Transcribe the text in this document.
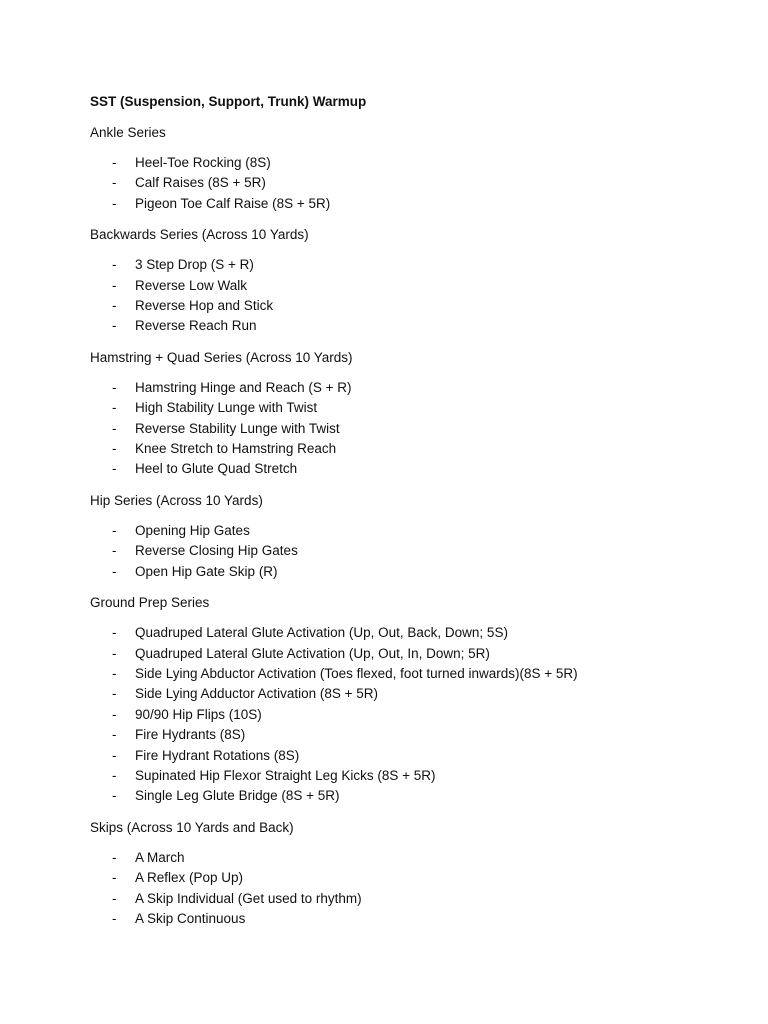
SST (Suspension, Support, Trunk) Warmup
Ankle Series
- Heel-Toe Rocking (8S)
- Calf Raises (8S + 5R)
- Pigeon Toe Calf Raise (8S + 5R)
Backwards Series (Across 10 Yards)
- 3 Step Drop (S + R)
- Reverse Low Walk
- Reverse Hop and Stick
- Reverse Reach Run
Hamstring + Quad Series (Across 10 Yards)
- Hamstring Hinge and Reach (S + R)
- High Stability Lunge with Twist
- Reverse Stability Lunge with Twist
- Knee Stretch to Hamstring Reach
- Heel to Glute Quad Stretch
Hip Series (Across 10 Yards)
- Opening Hip Gates
- Reverse Closing Hip Gates
- Open Hip Gate Skip (R)
Ground Prep Series
- Quadruped Lateral Glute Activation (Up, Out, Back, Down; 5S)
- Quadruped Lateral Glute Activation (Up, Out, In, Down; 5R)
- Side Lying Abductor Activation (Toes flexed, foot turned inwards)(8S + 5R)
- Side Lying Adductor Activation (8S + 5R)
- 90/90 Hip Flips (10S)
- Fire Hydrants (8S)
- Fire Hydrant Rotations (8S)
- Supinated Hip Flexor Straight Leg Kicks (8S + 5R)
- Single Leg Glute Bridge (8S + 5R)
Skips (Across 10 Yards and Back)
- A March
- A Reflex (Pop Up)
- A Skip Individual (Get used to rhythm)
- A Skip Continuous
